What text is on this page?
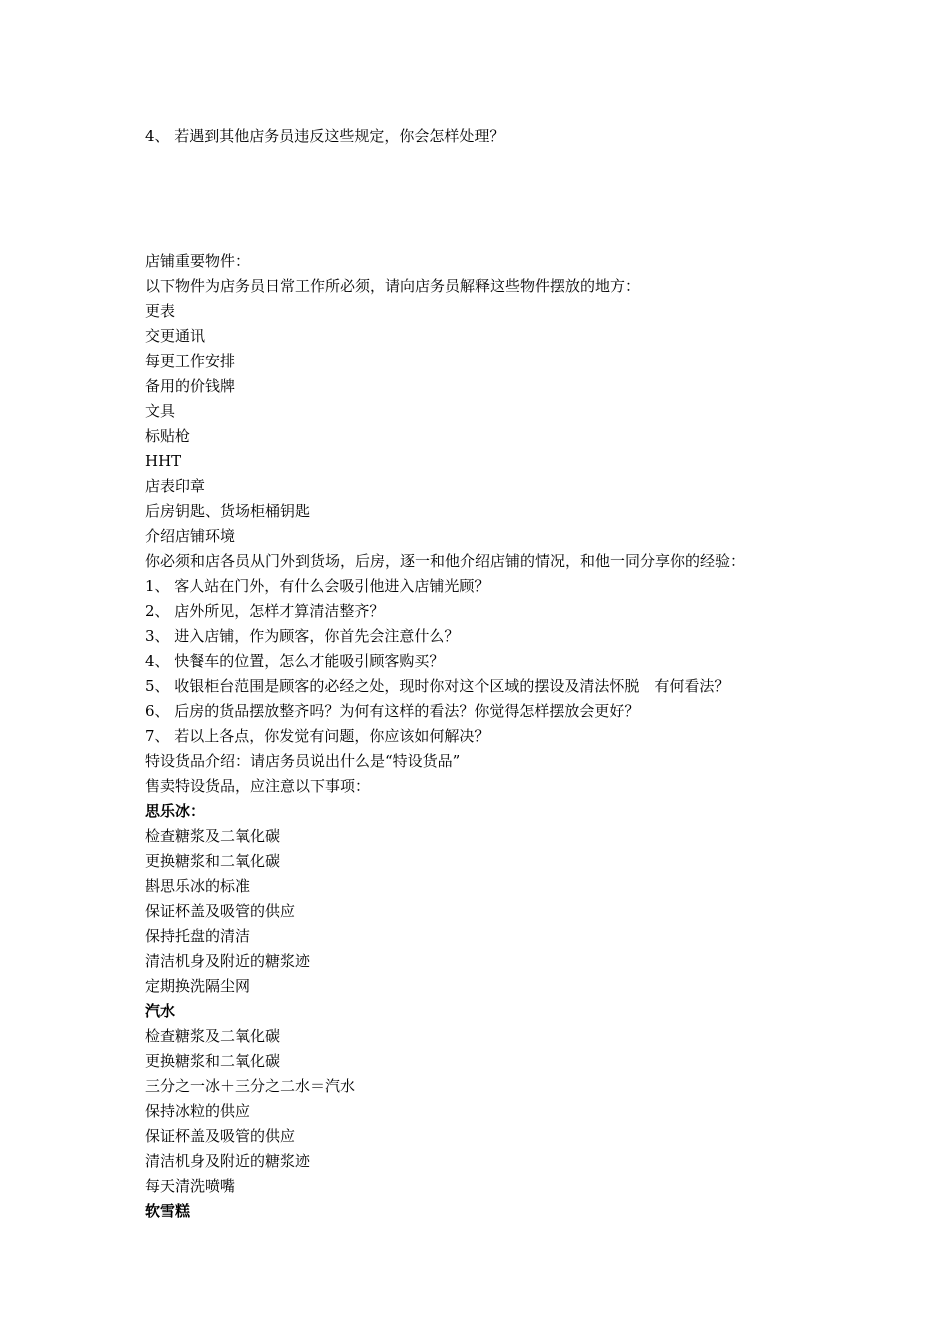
4、 若遇到其他店务员违反这些规定，你会怎样处理？
店铺重要物件：
以下物件为店务员日常工作所必须，请向店务员解释这些物件摆放的地方：
更表
交更通讯
每更工作安排
备用的价钱牌
文具
标贴枪
HHT
店表印章
后房钥匙、货场柜桶钥匙
介绍店铺环境
你必须和店各员从门外到货场，后房，逐一和他介绍店铺的情况，和他一同分享你的经验：
1、 客人站在门外，有什么会吸引他进入店铺光顾？
2、 店外所见，怎样才算清洁整齐？
3、 进入店铺，作为顾客，你首先会注意什么？
4、 快餐车的位置，怎么才能吸引顾客购买？
5、 收银柜台范围是顾客的必经之处，现时你对这个区域的摆设及清法怀脱　有何看法？
6、 后房的货品摆放整齐吗？为何有这样的看法？你觉得怎样摆放会更好？
7、 若以上各点，你发觉有问题，你应该如何解决？
特设货品介绍：请店务员说出什么是“特设货品”
售卖特设货品，应注意以下事项：
思乐冰：
检查糖浆及二氧化碳
更换糖浆和二氧化碳
斟思乐冰的标准
保证杯盖及吸管的供应
保持托盘的清洁
清洁机身及附近的糖浆迹
定期换洗隔尘网
汽水
检查糖浆及二氧化碳
更换糖浆和二氧化碳
三分之一冰＋三分之二水＝汽水
保持冰粒的供应
保证杯盖及吸管的供应
清洁机身及附近的糖浆迹
每天清洗喷嘴
软雪糕
